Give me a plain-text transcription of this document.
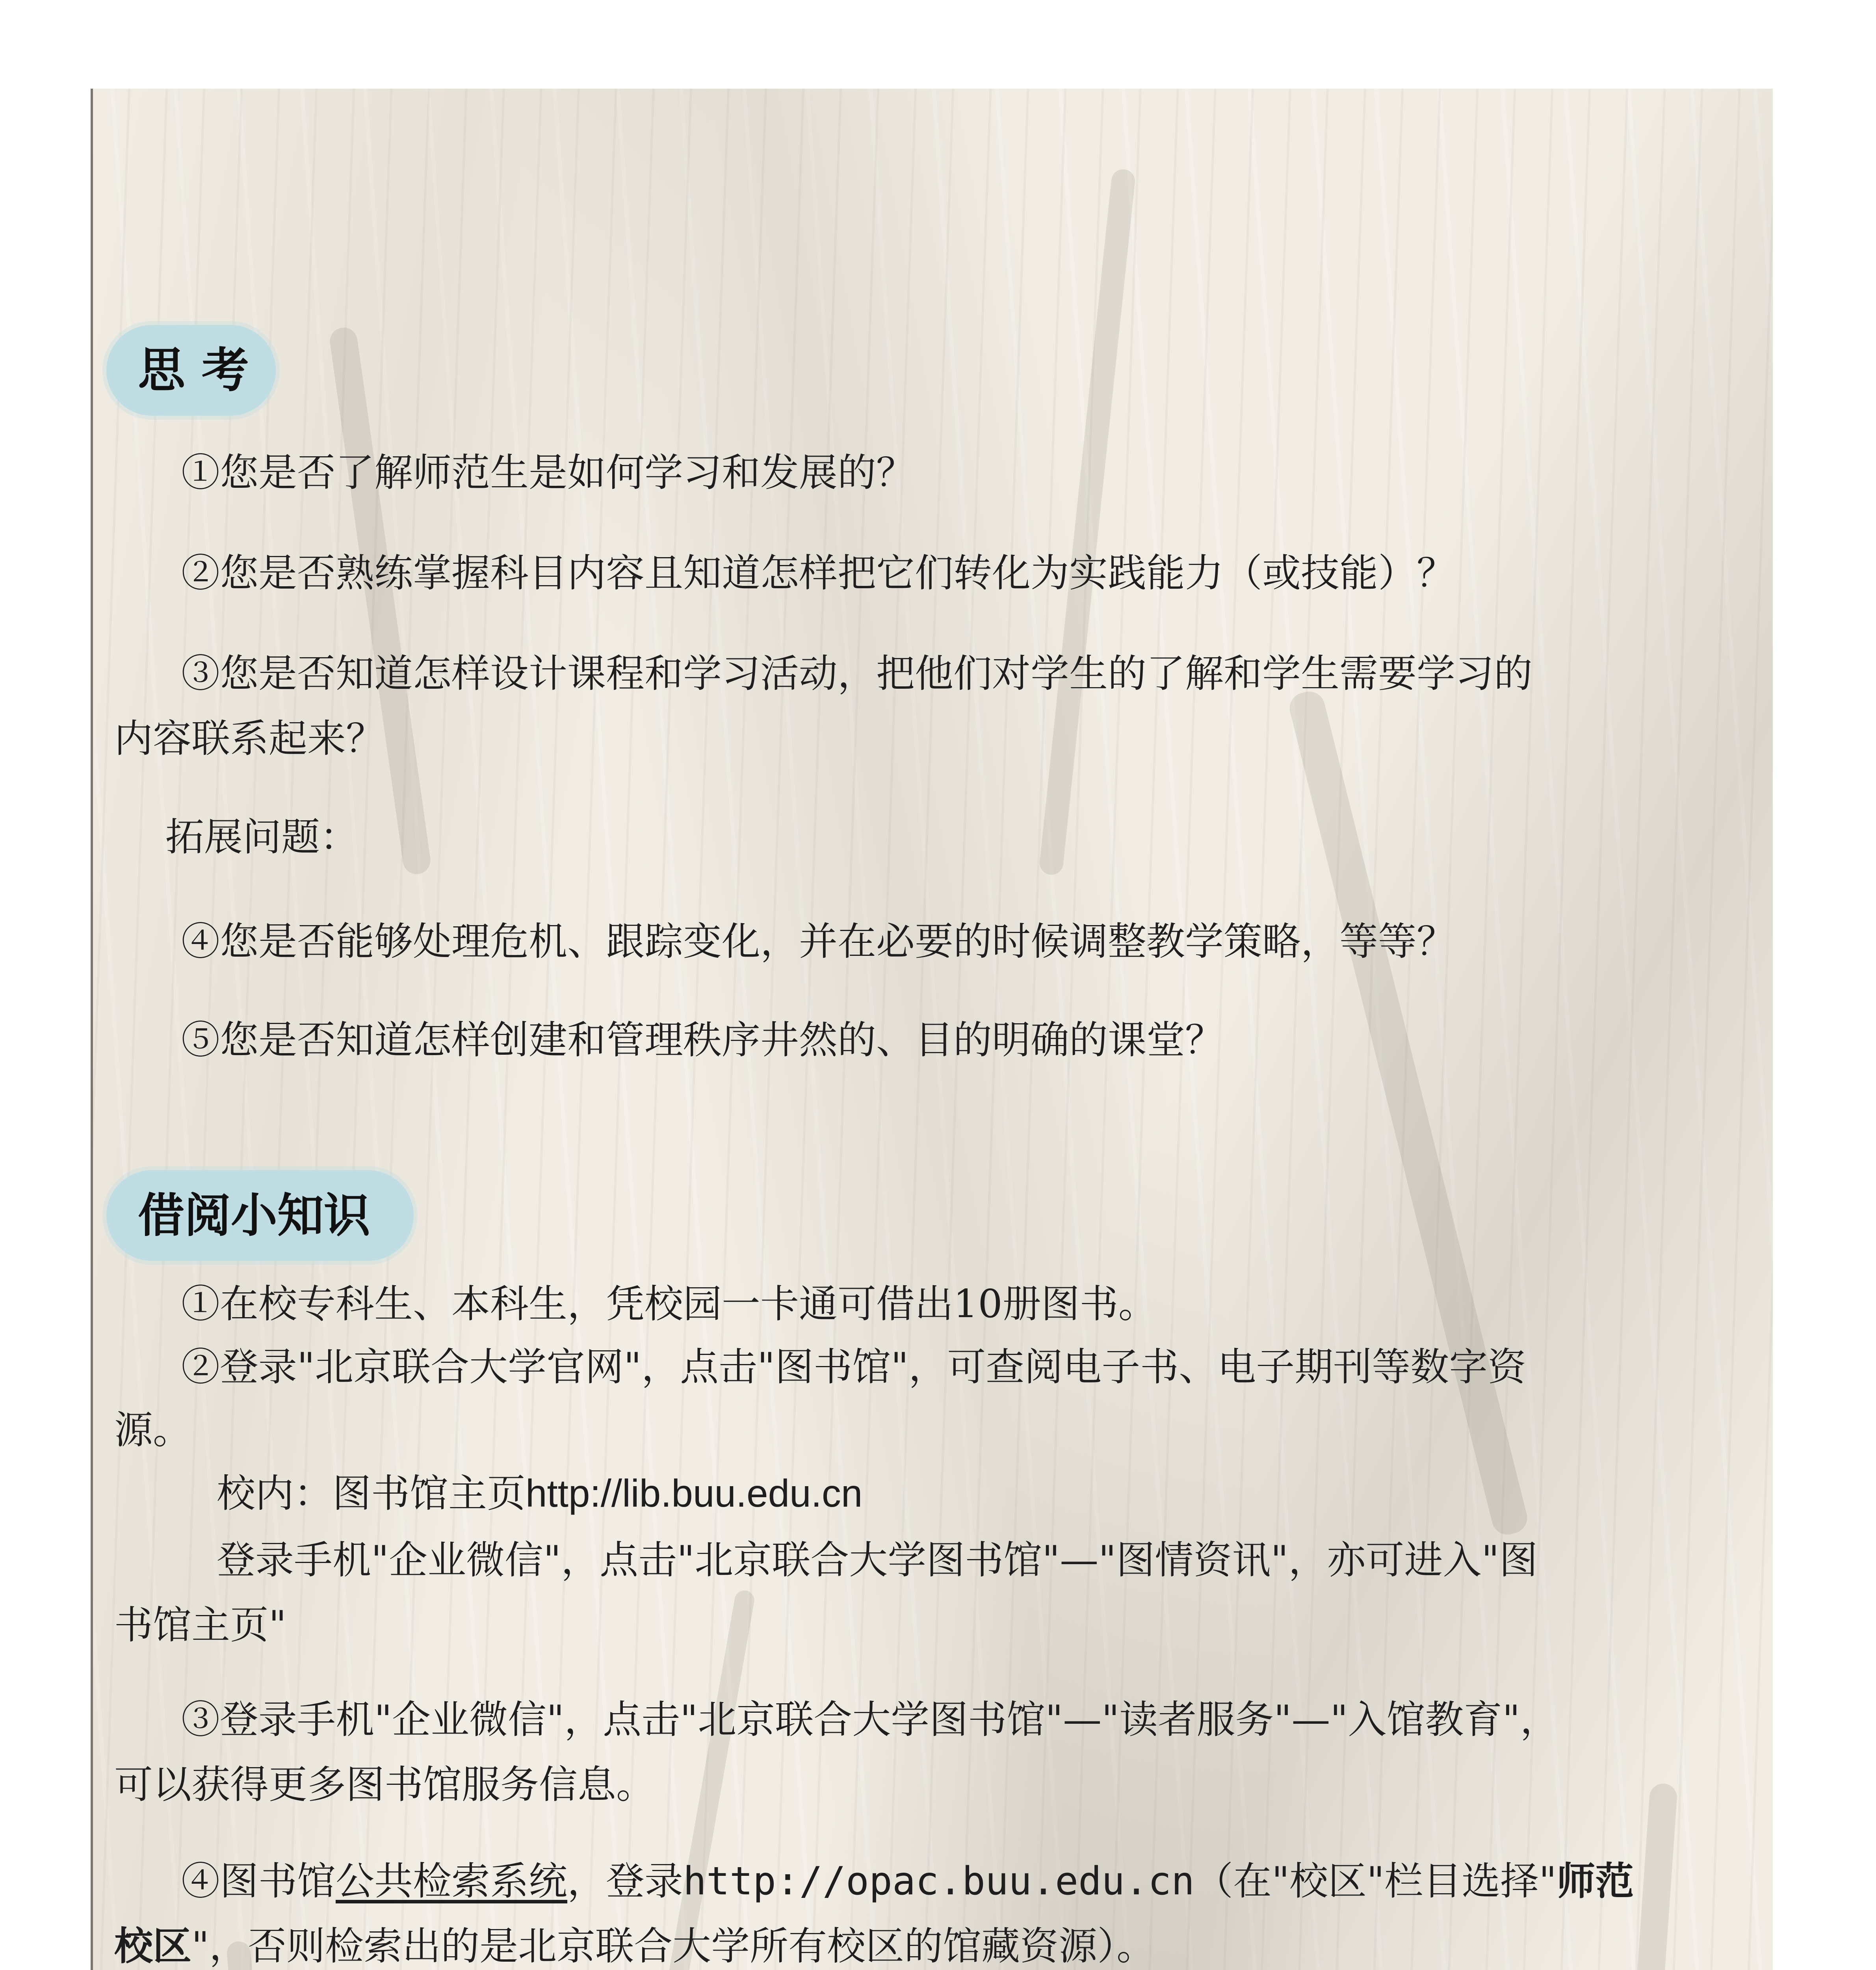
思 考
①您是否了解师范生是如何学习和发展的？
②您是否熟练掌握科目内容且知道怎样把它们转化为实践能力（或技能）？
③您是否知道怎样设计课程和学习活动，把他们对学生的了解和学生需要学习的
内容联系起来？
拓展问题：
④您是否能够处理危机、跟踪变化，并在必要的时候调整教学策略，等等？
⑤您是否知道怎样创建和管理秩序井然的、目的明确的课堂？
借阅小知识
①在校专科生、本科生，凭校园一卡通可借出10册图书。
②登录"北京联合大学官网"，点击"图书馆"，可查阅电子书、电子期刊等数字资
源。
校内：图书馆主页http://lib.buu.edu.cn
登录手机"企业微信"，点击"北京联合大学图书馆"—"图情资讯"，亦可进入"图
书馆主页"
③登录手机"企业微信"，点击"北京联合大学图书馆"—"读者服务"—"入馆教育"，
可以获得更多图书馆服务信息。
④图书馆公共检索系统，登录http://opac.buu.edu.cn（在"校区"栏目选择"师范
校区"，否则检索出的是北京联合大学所有校区的馆藏资源）。
